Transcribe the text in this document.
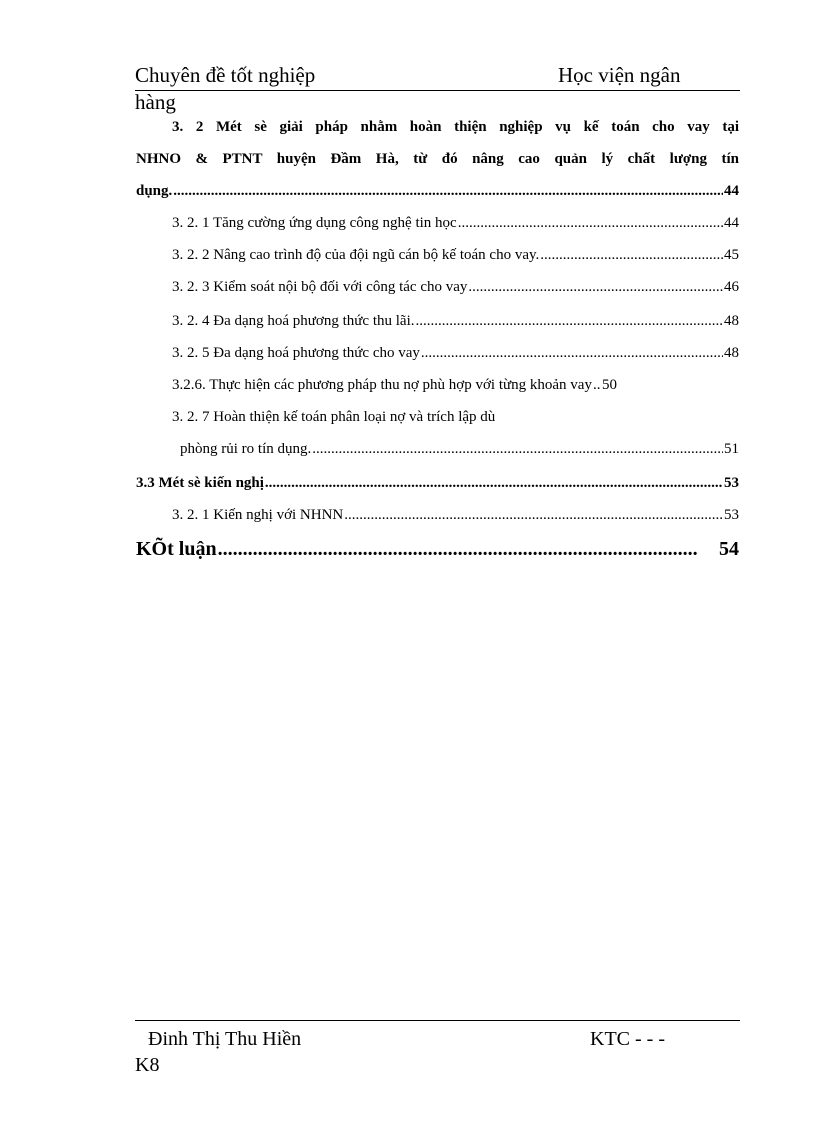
Chuyên đề tốt nghiệp	Học viện ngân
hàng
3. 2 Mét sè giải pháp nhằm hoàn thiện nghiệp vụ kế toán cho vay tại
NHNO & PTNT huyện Đầm Hà, từ đó nâng cao quản lý chất lượng tín
dụng. .....	44
3. 2. 1 Tăng cường ứng dụng công nghệ tin học .....	44
3. 2. 2 Nâng cao trình độ của đội ngũ cán bộ kế toán cho vay. .....	45
3. 2. 3 Kiểm soát nội bộ đối với công tác cho vay .....	46
3. 2. 4 Đa dạng hoá phương thức thu lãi. .....	48
3. 2. 5 Đa dạng hoá phương thức cho vay .....	48
3.2.6. Thực hiện các phương pháp thu nợ phù hợp với từng khoản vay ..... 50
3. 2. 7 Hoàn thiện kế toán phân loại nợ và trích lập dù
phòng rủi ro tín dụng. .....	51
3.3 Mét sè kiến nghị .....	53
3. 2. 1 Kiến nghị với NHNN .....	53
KÕt luận .....	54
Đinh Thị Thu Hiền	KTC - - -
K8
